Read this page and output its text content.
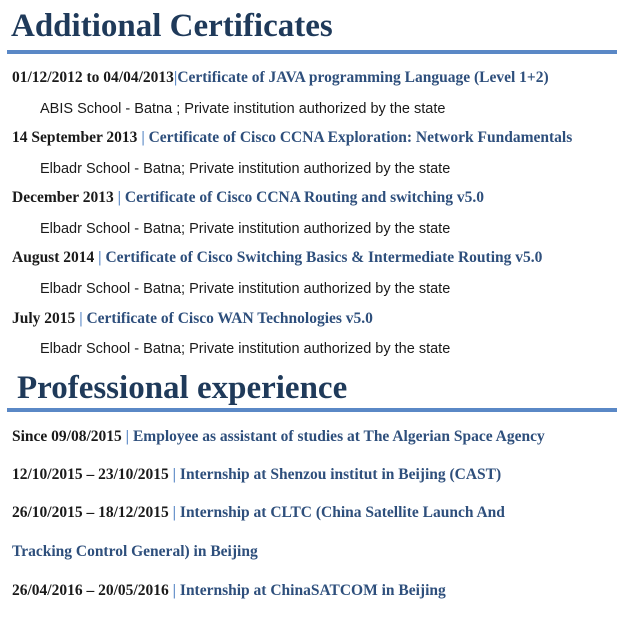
Additional Certificates
01/12/2012 to 04/04/2013|Certificate of JAVA programming Language (Level 1+2)
ABIS School - Batna ; Private institution authorized by the state
14 September 2013 | Certificate of Cisco CCNA Exploration: Network Fundamentals
Elbadr School - Batna; Private institution authorized by the state
December 2013 | Certificate of Cisco CCNA Routing and switching v5.0
Elbadr School - Batna; Private institution authorized by the state
August 2014 | Certificate of Cisco Switching Basics & Intermediate Routing v5.0
Elbadr School - Batna; Private institution authorized by the state
July 2015 | Certificate of Cisco WAN Technologies v5.0
Elbadr School - Batna; Private institution authorized by the state
Professional experience
Since 09/08/2015 | Employee as assistant of studies at The Algerian Space Agency
12/10/2015 – 23/10/2015 | Internship at Shenzou institut in Beijing (CAST)
26/10/2015 – 18/12/2015 | Internship at CLTC (China Satellite Launch And
Tracking Control General) in Beijing
26/04/2016 – 20/05/2016 | Internship at ChinaSATCOM in Beijing
